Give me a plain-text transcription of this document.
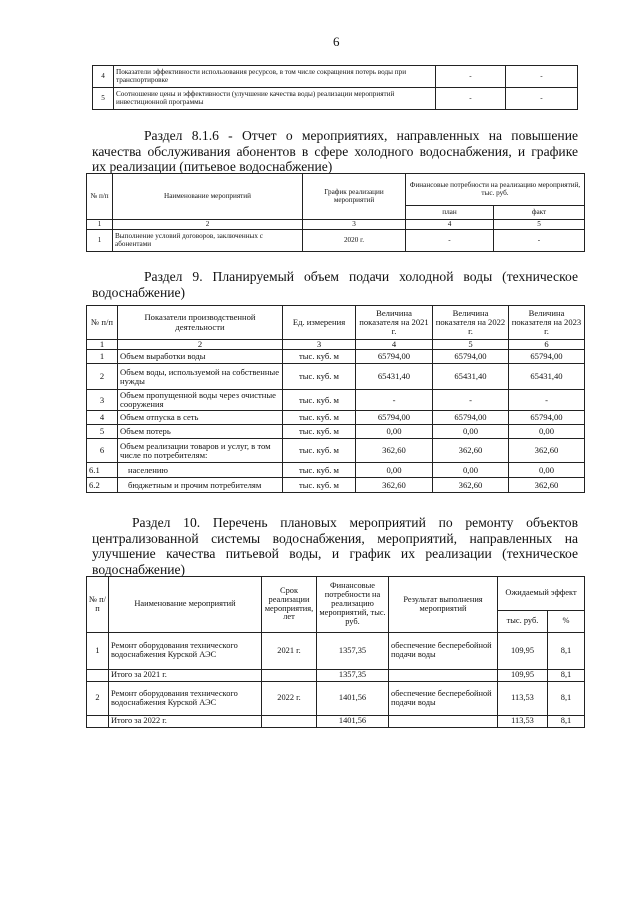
6
4	Показатели эффективности использования ресурсов, в том числе сокращения потерь воды при транспортировке	-	-
5	Соотношение цены и эффективности (улучшение качества воды) реализации мероприятий инвестиционной программы	-	-
Раздел 8.1.6 - Отчет о мероприятиях, направленных на повышение
качества обслуживания абонентов в сфере холодного водоснабжения, и графике
их реализации (питьевое водоснабжение)
№ п/п	Наименование мероприятий	График реализации мероприятий	Финансовые потребности на реализацию мероприятий, тыс. руб.	
			план	факт
1	2	3	4	5
1	Выполнение условий договоров, заключенных с абонентами	2020 г.	-	-
Раздел 9. Планируемый объем подачи холодной воды (техническое
водоснабжение)
№ п/п	Показатели производственной деятельности	Ед. измерения	Величина показателя на 2021 г.	Величина показателя на 2022 г.	Величина показателя на 2023 г.
1	2	3	4	5	6
1	Объем выработки воды	тыс. куб. м	65794,00	65794,00	65794,00
2	Объем воды, используемой на собственные нужды	тыс. куб. м	65431,40	65431,40	65431,40
3	Объем пропущенной воды через очистные сооружения	тыс. куб. м	-	-	-
4	Объем отпуска в сеть	тыс. куб. м	65794,00	65794,00	65794,00
5	Объем потерь	тыс. куб. м	0,00	0,00	0,00
6	Объем реализации товаров и услуг, в том числе по потребителям:	тыс. куб. м	362,60	362,60	362,60
6.1	населению	тыс. куб. м	0,00	0,00	0,00
6.2	бюджетным и прочим потребителям	тыс. куб. м	362,60	362,60	362,60
Раздел 10. Перечень плановых мероприятий по ремонту объектов
централизованной системы водоснабжения, мероприятий, направленных на
улучшение качества питьевой воды, и график их реализации (техническое
водоснабжение)
№ п/п	Наименование мероприятий	Срок реализации мероприятия, лет	Финансовые потребности на реализацию мероприятий, тыс. руб.	Результат выполнения мероприятий	Ожидаемый эффект	
					тыс. руб.	%
1	Ремонт оборудования технического водоснабжения Курской АЭС	2021 г.	1357,35	обеспечение бесперебойной подачи воды	109,95	8,1
	Итого за 2021 г.		1357,35		109,95	8,1
2	Ремонт оборудования технического водоснабжения Курской АЭС	2022 г.	1401,56	обеспечение бесперебойной подачи воды	113,53	8,1
	Итого за 2022 г.		1401,56		113,53	8,1
